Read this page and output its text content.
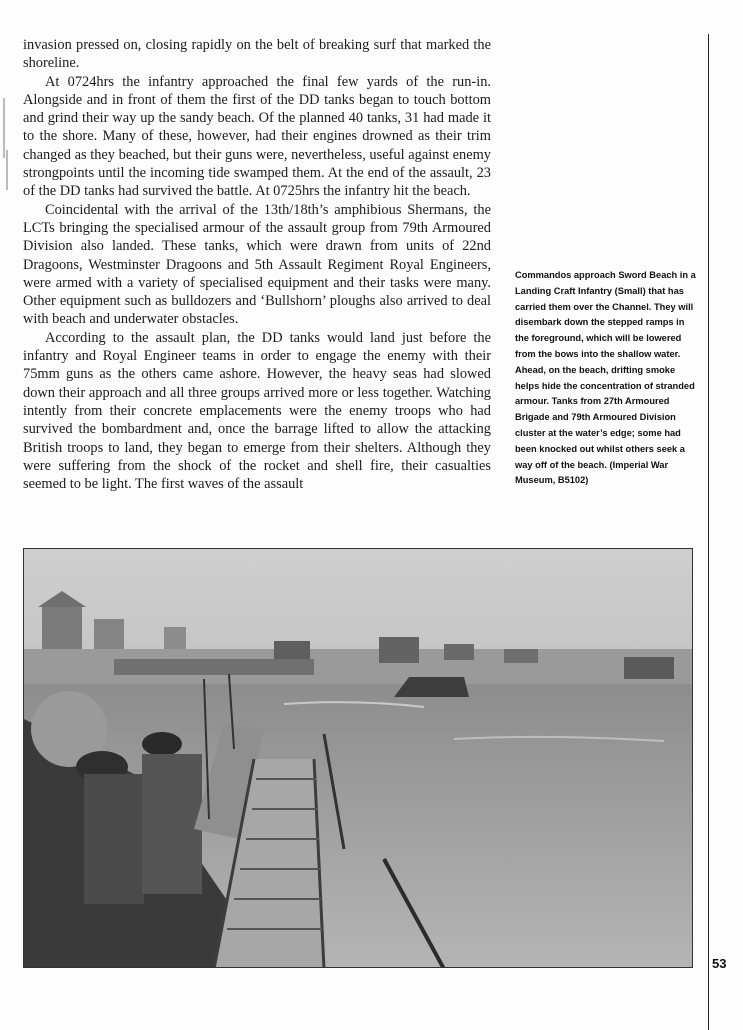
invasion pressed on, closing rapidly on the belt of breaking surf that marked the shoreline.

At 0724hrs the infantry approached the final few yards of the run-in. Alongside and in front of them the first of the DD tanks began to touch bottom and grind their way up the sandy beach. Of the planned 40 tanks, 31 had made it to the shore. Many of these, however, had their engines drowned as their trim changed as they beached, but their guns were, nevertheless, useful against enemy strongpoints until the incoming tide swamped them. At the end of the assault, 23 of the DD tanks had survived the battle. At 0725hrs the infantry hit the beach.

Coincidental with the arrival of the 13th/18th’s amphibious Shermans, the LCTs bringing the specialised armour of the assault group from 79th Armoured Division also landed. These tanks, which were drawn from units of 22nd Dragoons, Westminster Dragoons and 5th Assault Regiment Royal Engineers, were armed with a variety of specialised equipment and their tasks were many. Other equipment such as bulldozers and ‘Bullshorn’ ploughs also arrived to deal with beach and underwater obstacles.

According to the assault plan, the DD tanks would land just before the infantry and Royal Engineer teams in order to engage the enemy with their 75mm guns as the others came ashore. However, the heavy seas had slowed down their approach and all three groups arrived more or less together. Watching intently from their concrete emplacements were the enemy troops who had survived the bombardment and, once the barrage lifted to allow the attacking British troops to land, they began to emerge from their shelters. Although they were suffering from the shock of the rocket and shell fire, their casualties seemed to be light. The first waves of the assault

Commandos approach Sword Beach in a Landing Craft Infantry (Small) that has carried them over the Channel. They will disembark down the stepped ramps in the foreground, which will be lowered from the bows into the shallow water. Ahead, on the beach, drifting smoke helps hide the concentration of stranded armour. Tanks from 27th Armoured Brigade and 79th Armoured Division cluster at the water’s edge; some had been knocked out whilst others seek a way off of the beach. (Imperial War Museum, B5102)
53
